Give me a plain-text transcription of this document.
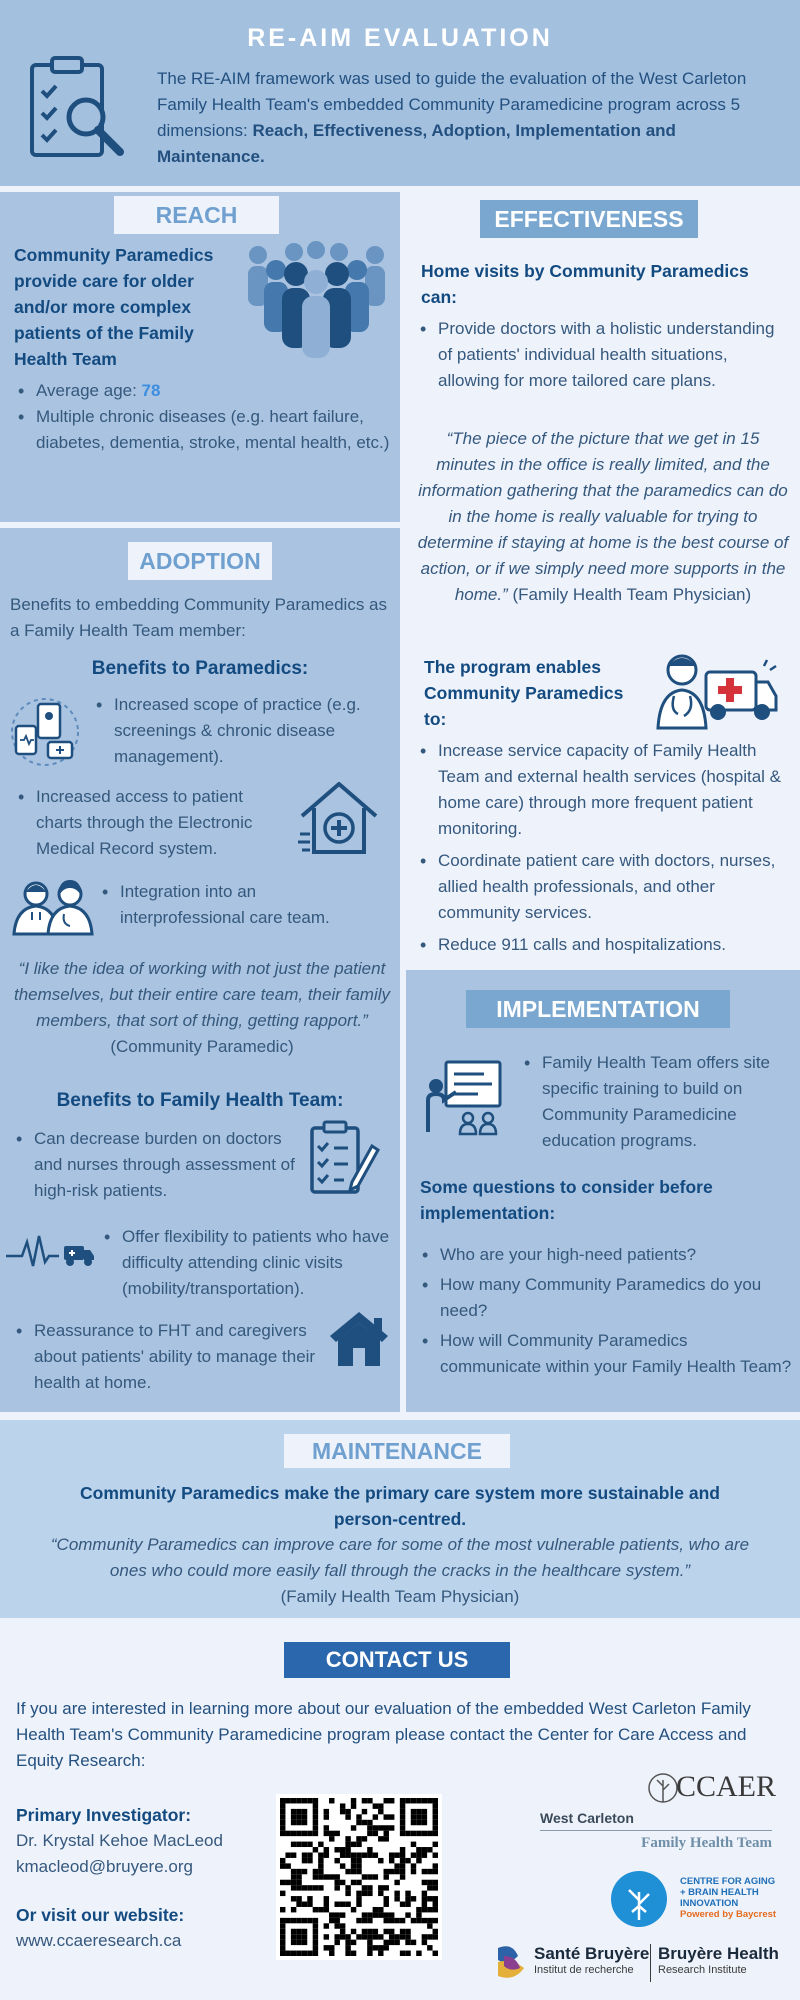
RE-AIM EVALUATION
The RE-AIM framework was used to guide the evaluation of the West Carleton Family Health Team's embedded Community Paramedicine program across 5 dimensions: Reach, Effectiveness, Adoption, Implementation and Maintenance.
REACH
Community Paramedics provide care for older and/or more complex patients of the Family Health Team
• Average age: 78
• Multiple chronic diseases (e.g. heart failure, diabetes, dementia, stroke, mental health, etc.)
EFFECTIVENESS
Home visits by Community Paramedics can:
• Provide doctors with a holistic understanding of patients' individual health situations, allowing for more tailored care plans.
“The piece of the picture that we get in 15 minutes in the office is really limited, and the information gathering that the paramedics can do in the home is really valuable for trying to determine if staying at home is the best course of action, or if we simply need more supports in the home.” (Family Health Team Physician)
The program enables Community Paramedics to:
• Increase service capacity of Family Health Team and external health services (hospital & home care) through more frequent patient monitoring.
• Coordinate patient care with doctors, nurses, allied health professionals, and other community services.
• Reduce 911 calls and hospitalizations.
ADOPTION
Benefits to embedding Community Paramedics as a Family Health Team member:
Benefits to Paramedics:
• Increased scope of practice (e.g. screenings & chronic disease management).
• Increased access to patient charts through the Electronic Medical Record system.
• Integration into an interprofessional care team.
“I like the idea of working with not just the patient themselves, but their entire care team, their family members, that sort of thing, getting rapport.” (Community Paramedic)
Benefits to Family Health Team:
• Can decrease burden on doctors and nurses through assessment of high-risk patients.
• Offer flexibility to patients who have difficulty attending clinic visits (mobility/transportation).
• Reassurance to FHT and caregivers about patients' ability to manage their health at home.
IMPLEMENTATION
• Family Health Team offers site specific training to build on Community Paramedicine education programs.
Some questions to consider before implementation:
• Who are your high-need patients?
• How many Community Paramedics do you need?
• How will Community Paramedics communicate within your Family Health Team?
MAINTENANCE
Community Paramedics make the primary care system more sustainable and person-centred.
“Community Paramedics can improve care for some of the most vulnerable patients, who are ones who could more easily fall through the cracks in the healthcare system.”
(Family Health Team Physician)
CONTACT US
If you are interested in learning more about our evaluation of the embedded West Carleton Family Health Team's Community Paramedicine program please contact the Center for Care Access and Equity Research:
Primary Investigator:
Dr. Krystal Kehoe MacLeod
kmacleod@bruyere.org
Or visit our website:
www.ccaeresearch.ca
CCAER
West Carleton
Family Health Team
CENTRE FOR AGING
+ BRAIN HEALTH
INNOVATION
Powered by Baycrest
Santé Bruyère
Institut de recherche
Bruyère Health
Research Institute
